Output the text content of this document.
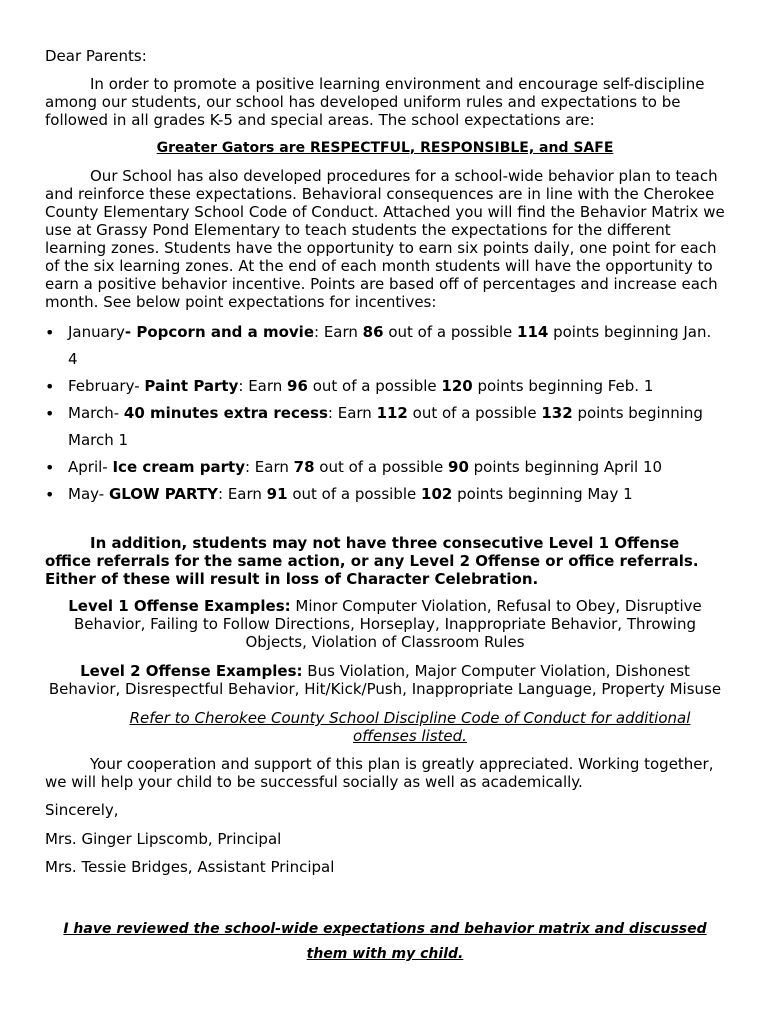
Dear Parents:

In order to promote a positive learning environment and encourage self-discipline among our students, our school has developed uniform rules and expectations to be followed in all grades K-5 and special areas. The school expectations are:

Greater Gators are RESPECTFUL, RESPONSIBLE, and SAFE

Our School has also developed procedures for a school-wide behavior plan to teach and reinforce these expectations. Behavioral consequences are in line with the Cherokee County Elementary School Code of Conduct. Attached you will find the Behavior Matrix we use at Grassy Pond Elementary to teach students the expectations for the different learning zones. Students have the opportunity to earn six points daily, one point for each of the six learning zones. At the end of each month students will have the opportunity to earn a positive behavior incentive. Points are based off of percentages and increase each month. See below point expectations for incentives:

• January- Popcorn and a movie: Earn 86 out of a possible 114 points beginning Jan. 4
• February- Paint Party: Earn 96 out of a possible 120 points beginning Feb. 1
• March- 40 minutes extra recess: Earn 112 out of a possible 132 points beginning March 1
• April- Ice cream party: Earn 78 out of a possible 90 points beginning April 10
• May- GLOW PARTY: Earn 91 out of a possible 102 points beginning May 1

In addition, students may not have three consecutive Level 1 Offense office referrals for the same action, or any Level 2 Offense or office referrals. Either of these will result in loss of Character Celebration.

Level 1 Offense Examples: Minor Computer Violation, Refusal to Obey, Disruptive Behavior, Failing to Follow Directions, Horseplay, Inappropriate Behavior, Throwing Objects, Violation of Classroom Rules

Level 2 Offense Examples: Bus Violation, Major Computer Violation, Dishonest Behavior, Disrespectful Behavior, Hit/Kick/Push, Inappropriate Language, Property Misuse

Refer to Cherokee County School Discipline Code of Conduct for additional offenses listed.

Your cooperation and support of this plan is greatly appreciated. Working together, we will help your child to be successful socially as well as academically.

Sincerely,

Mrs. Ginger Lipscomb, Principal

Mrs. Tessie Bridges, Assistant Principal

I have reviewed the school-wide expectations and behavior matrix and discussed them with my child.
